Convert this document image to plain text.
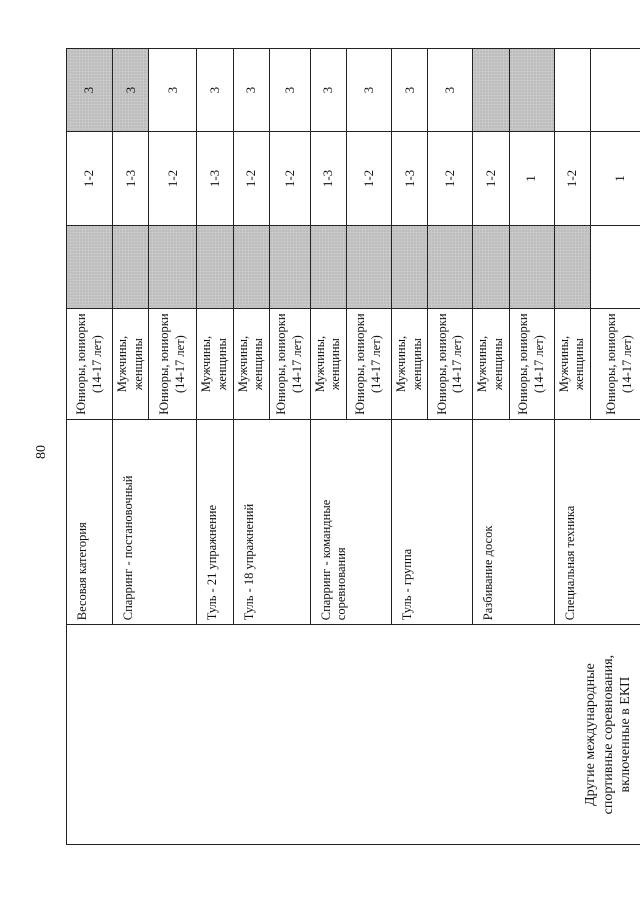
80
Другие международные спортивные соревнования, включенные в ЕКП	Весовая категория	Юниоры, юниорки (14-17 лет)		1-2	3
	Спарринг - постановочный	Мужчины, женщины		1-3	3
		Юниоры, юниорки (14-17 лет)		1-2	3
	Туль - 21 упражнение	Мужчины, женщины		1-3	3
	Туль - 18 упражнений	Мужчины, женщины		1-2	3
		Юниоры, юниорки (14-17 лет)		1-2	3
	Спарринг - командные соревнования	Мужчины, женщины		1-3	3
		Юниоры, юниорки (14-17 лет)		1-2	3
	Туль - группа	Мужчины, женщины		1-3	3
		Юниоры, юниорки (14-17 лет)		1-2	3
	Разбивание досок	Мужчины, женщины		1-2	
		Юниоры, юниорки (14-17 лет)		1	
	Специальная техника	Мужчины, женщины		1-2	
		Юниоры, юниорки (14-17 лет)		1	
